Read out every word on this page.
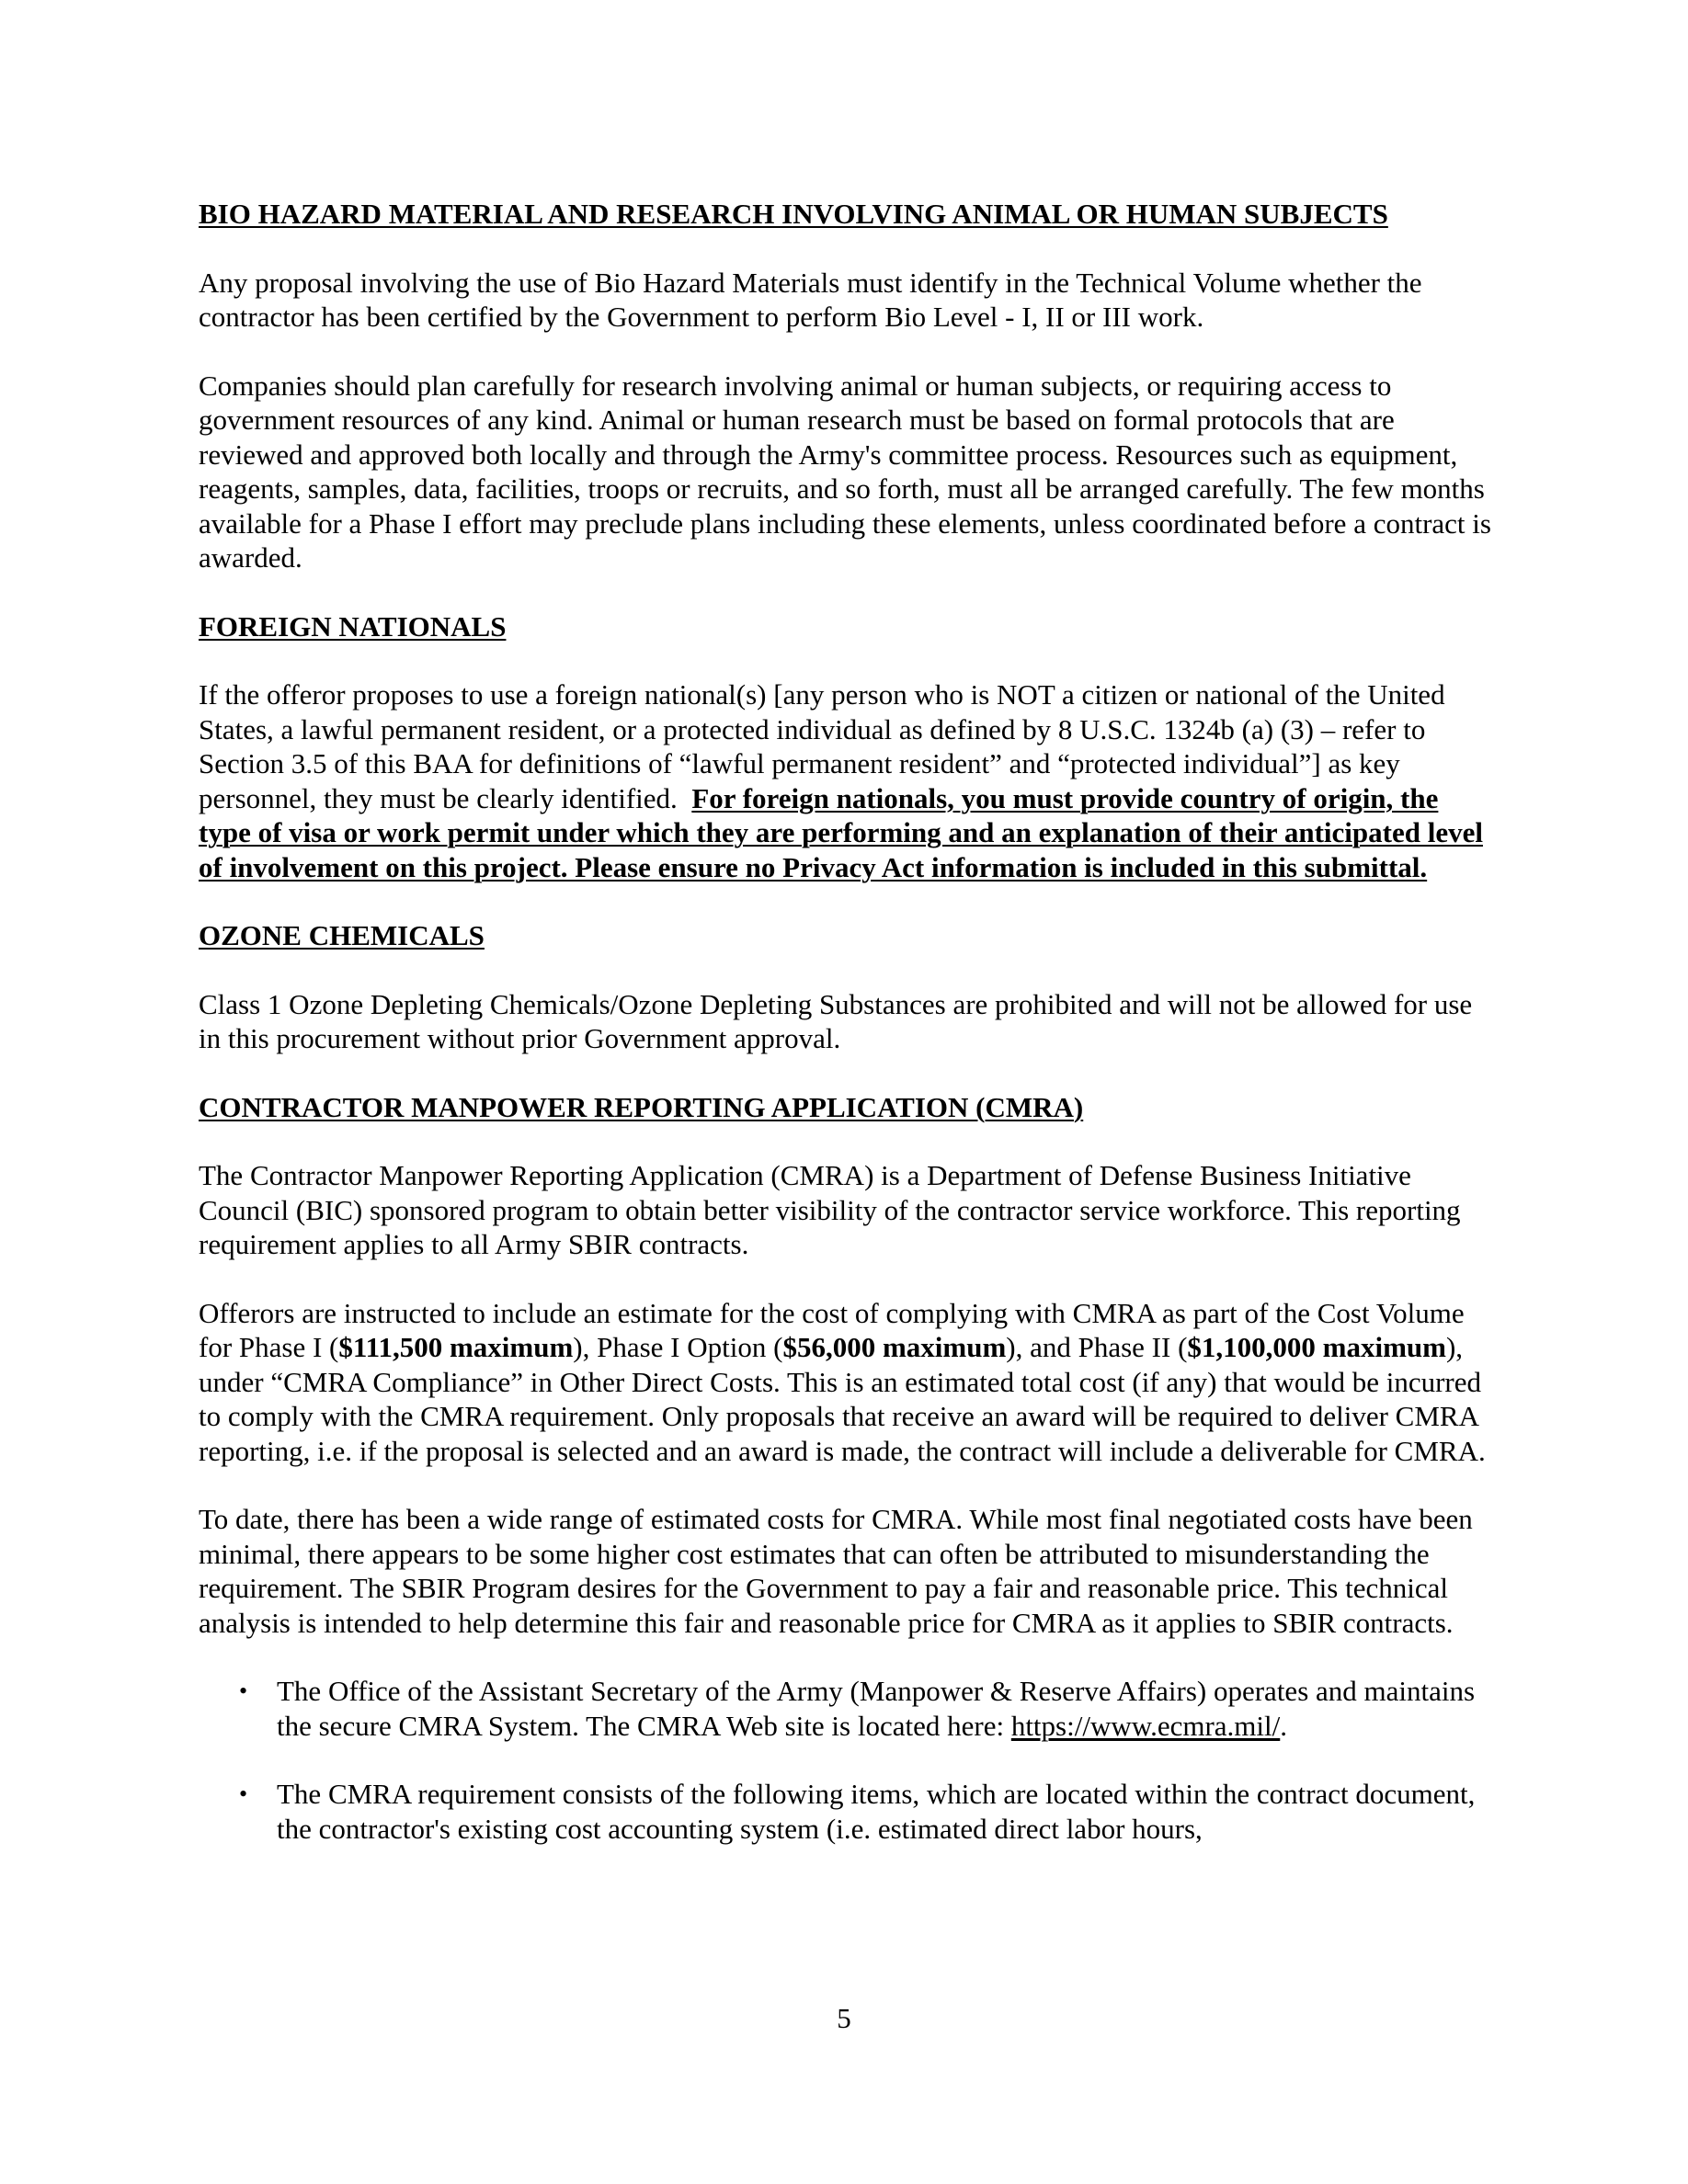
BIO HAZARD MATERIAL AND RESEARCH INVOLVING ANIMAL OR HUMAN SUBJECTS

Any proposal involving the use of Bio Hazard Materials must identify in the Technical Volume whether the contractor has been certified by the Government to perform Bio Level - I, II or III work.

Companies should plan carefully for research involving animal or human subjects, or requiring access to government resources of any kind. Animal or human research must be based on formal protocols that are reviewed and approved both locally and through the Army's committee process. Resources such as equipment, reagents, samples, data, facilities, troops or recruits, and so forth, must all be arranged carefully. The few months available for a Phase I effort may preclude plans including these elements, unless coordinated before a contract is awarded.

FOREIGN NATIONALS

If the offeror proposes to use a foreign national(s) [any person who is NOT a citizen or national of the United States, a lawful permanent resident, or a protected individual as defined by 8 U.S.C. 1324b (a) (3) – refer to Section 3.5 of this BAA for definitions of “lawful permanent resident” and “protected individual”] as key personnel, they must be clearly identified. For foreign nationals, you must provide country of origin, the type of visa or work permit under which they are performing and an explanation of their anticipated level of involvement on this project. Please ensure no Privacy Act information is included in this submittal.

OZONE CHEMICALS

Class 1 Ozone Depleting Chemicals/Ozone Depleting Substances are prohibited and will not be allowed for use in this procurement without prior Government approval.

CONTRACTOR MANPOWER REPORTING APPLICATION (CMRA)

The Contractor Manpower Reporting Application (CMRA) is a Department of Defense Business Initiative Council (BIC) sponsored program to obtain better visibility of the contractor service workforce. This reporting requirement applies to all Army SBIR contracts.

Offerors are instructed to include an estimate for the cost of complying with CMRA as part of the Cost Volume for Phase I ($111,500 maximum), Phase I Option ($56,000 maximum), and Phase II ($1,100,000 maximum), under “CMRA Compliance” in Other Direct Costs. This is an estimated total cost (if any) that would be incurred to comply with the CMRA requirement. Only proposals that receive an award will be required to deliver CMRA reporting, i.e. if the proposal is selected and an award is made, the contract will include a deliverable for CMRA.

To date, there has been a wide range of estimated costs for CMRA. While most final negotiated costs have been minimal, there appears to be some higher cost estimates that can often be attributed to misunderstanding the requirement. The SBIR Program desires for the Government to pay a fair and reasonable price. This technical analysis is intended to help determine this fair and reasonable price for CMRA as it applies to SBIR contracts.

• The Office of the Assistant Secretary of the Army (Manpower & Reserve Affairs) operates and maintains the secure CMRA System. The CMRA Web site is located here: https://www.ecmra.mil/.
• The CMRA requirement consists of the following items, which are located within the contract document, the contractor's existing cost accounting system (i.e. estimated direct labor hours,
5
